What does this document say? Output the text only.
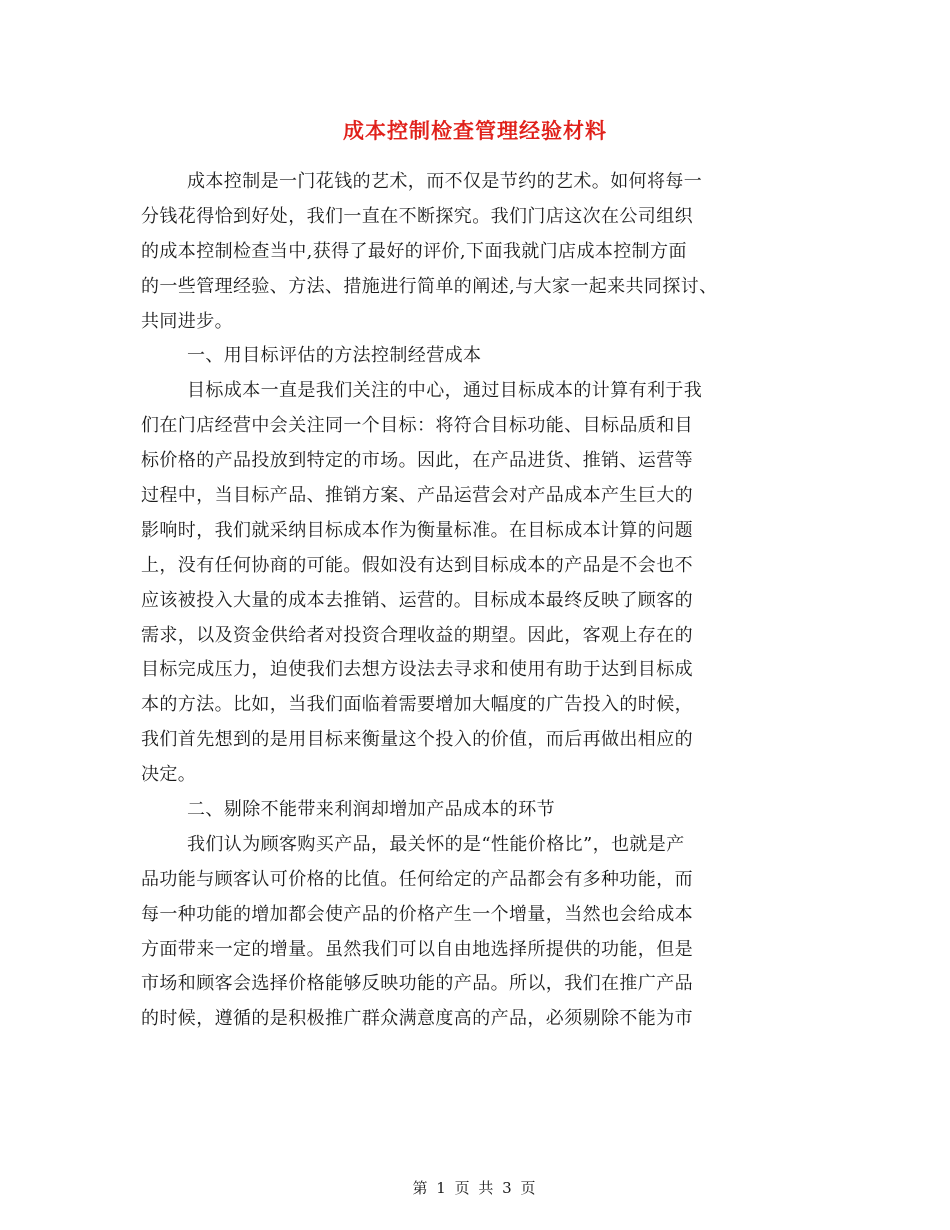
成本控制检查管理经验材料
成本控制是一门花钱的艺术，而不仅是节约的艺术。如何将每一
分钱花得恰到好处，我们一直在不断探究。我们门店这次在公司组织
的成本控制检查当中,获得了最好的评价,下面我就门店成本控制方面
的一些管理经验、方法、措施进行简单的阐述,与大家一起来共同探讨、
共同进步。
一、用目标评估的方法控制经营成本
目标成本一直是我们关注的中心，通过目标成本的计算有利于我
们在门店经营中会关注同一个目标：将符合目标功能、目标品质和目
标价格的产品投放到特定的市场。因此，在产品进货、推销、运营等
过程中，当目标产品、推销方案、产品运营会对产品成本产生巨大的
影响时，我们就采纳目标成本作为衡量标准。在目标成本计算的问题
上，没有任何协商的可能。假如没有达到目标成本的产品是不会也不
应该被投入大量的成本去推销、运营的。目标成本最终反映了顾客的
需求，以及资金供给者对投资合理收益的期望。因此，客观上存在的
目标完成压力，迫使我们去想方设法去寻求和使用有助于达到目标成
本的方法。比如，当我们面临着需要增加大幅度的广告投入的时候，
我们首先想到的是用目标来衡量这个投入的价值，而后再做出相应的
决定。
二、剔除不能带来利润却增加产品成本的环节
我们认为顾客购买产品，最关怀的是“性能价格比”，也就是产
品功能与顾客认可价格的比值。任何给定的产品都会有多种功能，而
每一种功能的增加都会使产品的价格产生一个增量，当然也会给成本
方面带来一定的增量。虽然我们可以自由地选择所提供的功能，但是
市场和顾客会选择价格能够反映功能的产品。所以，我们在推广产品
的时候，遵循的是积极推广群众满意度高的产品，必须剔除不能为市
第 1 页 共 3 页
